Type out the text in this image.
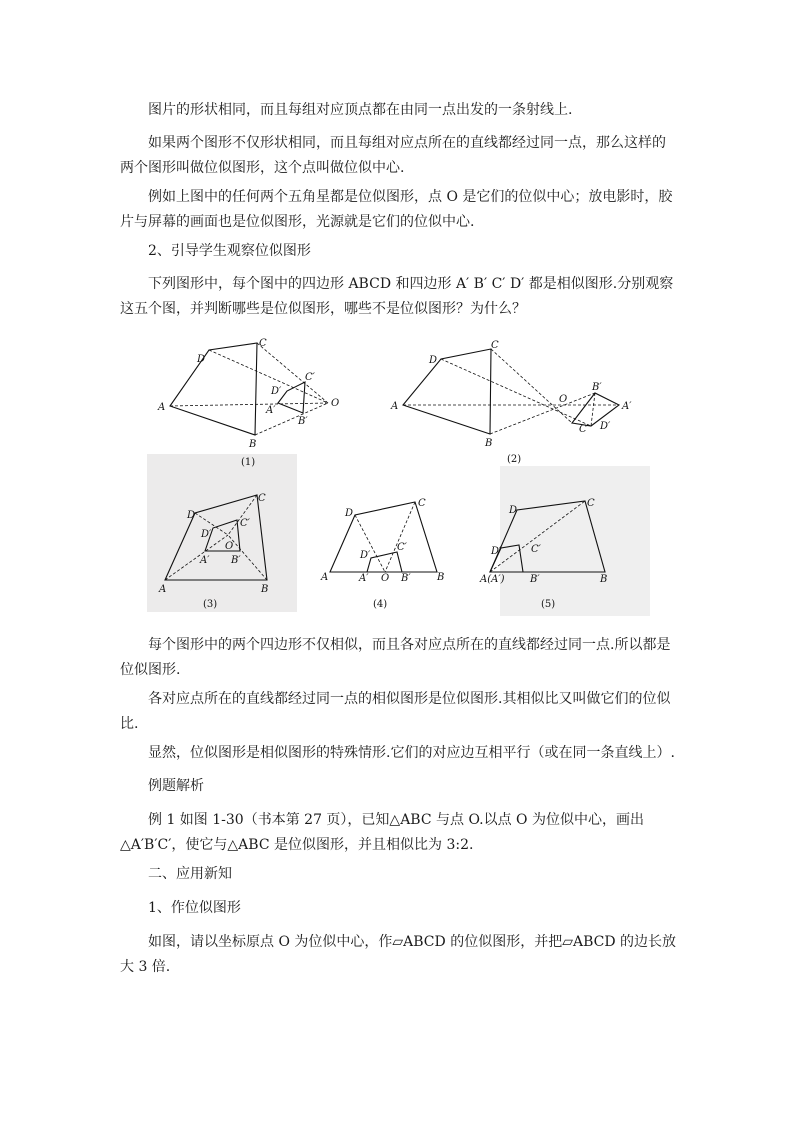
图片的形状相同，而且每组对应顶点都在由同一点出发的一条射线上.

如果两个图形不仅形状相同，而且每组对应点所在的直线都经过同一点，那么这样的两个图形叫做位似图形，这个点叫做位似中心.

例如上图中的任何两个五角星都是位似图形，点 O 是它们的位似中心；放电影时，胶片与屏幕的画面也是位似图形，光源就是它们的位似中心.

2、引导学生观察位似图形

下列图形中，每个图中的四边形 ABCD 和四边形 A′ B′ C′ D′ 都是相似图形.分别观察这五个图，并判断哪些是位似图形，哪些不是位似图形？为什么？

A
B
C
D
O
A′
B′
C′
D′
(1)
A
B
C
D
O
A′
B′
C′ D′
(2)
A	B
C
D
O
A′ B′
C′
D′
(3)
A	B
C
D
O
A′	B′
C′
D′
(4)
A(A′)	B
C
D
B′
C′
D′
(5)

每个图形中的两个四边形不仅相似，而且各对应点所在的直线都经过同一点.所以都是位似图形.

各对应点所在的直线都经过同一点的相似图形是位似图形.其相似比又叫做它们的位似比.

显然，位似图形是相似图形的特殊情形.它们的对应边互相平行（或在同一条直线上）.

例题解析

例 1 如图 1-30（书本第 27 页），已知△ABC 与点 O.以点 O 为位似中心，画出△A′B′C′，使它与△ABC 是位似图形，并且相似比为 3:2.

二、应用新知

1、作位似图形

如图，请以坐标原点 O 为位似中心，作▱ABCD 的位似图形，并把▱ABCD 的边长放大 3 倍.
